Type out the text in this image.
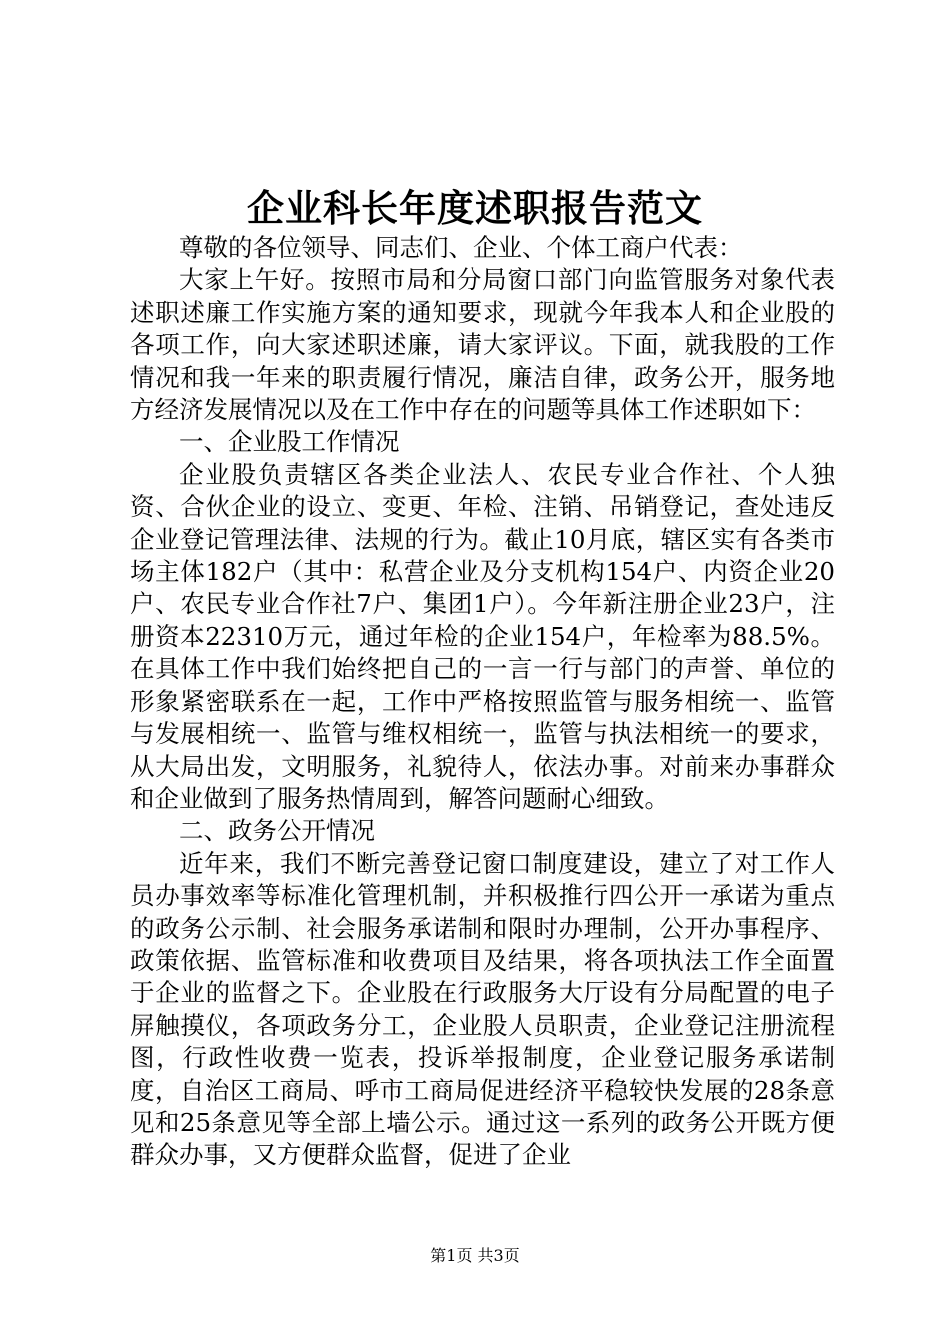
企业科长年度述职报告范文

尊敬的各位领导、同志们、企业、个体工商户代表：

大家上午好。按照市局和分局窗口部门向监管服务对象代表述职述廉工作实施方案的通知要求，现就今年我本人和企业股的各项工作，向大家述职述廉，请大家评议。下面，就我股的工作情况和我一年来的职责履行情况，廉洁自律，政务公开，服务地方经济发展情况以及在工作中存在的问题等具体工作述职如下：

一、企业股工作情况

企业股负责辖区各类企业法人、农民专业合作社、个人独资、合伙企业的设立、变更、年检、注销、吊销登记，查处违反企业登记管理法律、法规的行为。截止10月底，辖区实有各类市场主体182户（其中：私营企业及分支机构154户、内资企业20户、农民专业合作社7户、集团1户）。今年新注册企业23户，注册资本22310万元，通过年检的企业154户，年检率为88.5%。在具体工作中我们始终把自己的一言一行与部门的声誉、单位的形象紧密联系在一起，工作中严格按照监管与服务相统一、监管与发展相统一、监管与维权相统一，监管与执法相统一的要求，从大局出发，文明服务，礼貌待人，依法办事。对前来办事群众和企业做到了服务热情周到，解答问题耐心细致。

二、政务公开情况

近年来，我们不断完善登记窗口制度建设，建立了对工作人员办事效率等标准化管理机制，并积极推行四公开一承诺为重点的政务公示制、社会服务承诺制和限时办理制，公开办事程序、政策依据、监管标准和收费项目及结果，将各项执法工作全面置于企业的监督之下。企业股在行政服务大厅设有分局配置的电子屏触摸仪，各项政务分工，企业股人员职责，企业登记注册流程图，行政性收费一览表，投诉举报制度，企业登记服务承诺制度，自治区工商局、呼市工商局促进经济平稳较快发展的28条意见和25条意见等全部上墙公示。通过这一系列的政务公开既方便群众办事，又方便群众监督，促进了企业

第1页 共3页
